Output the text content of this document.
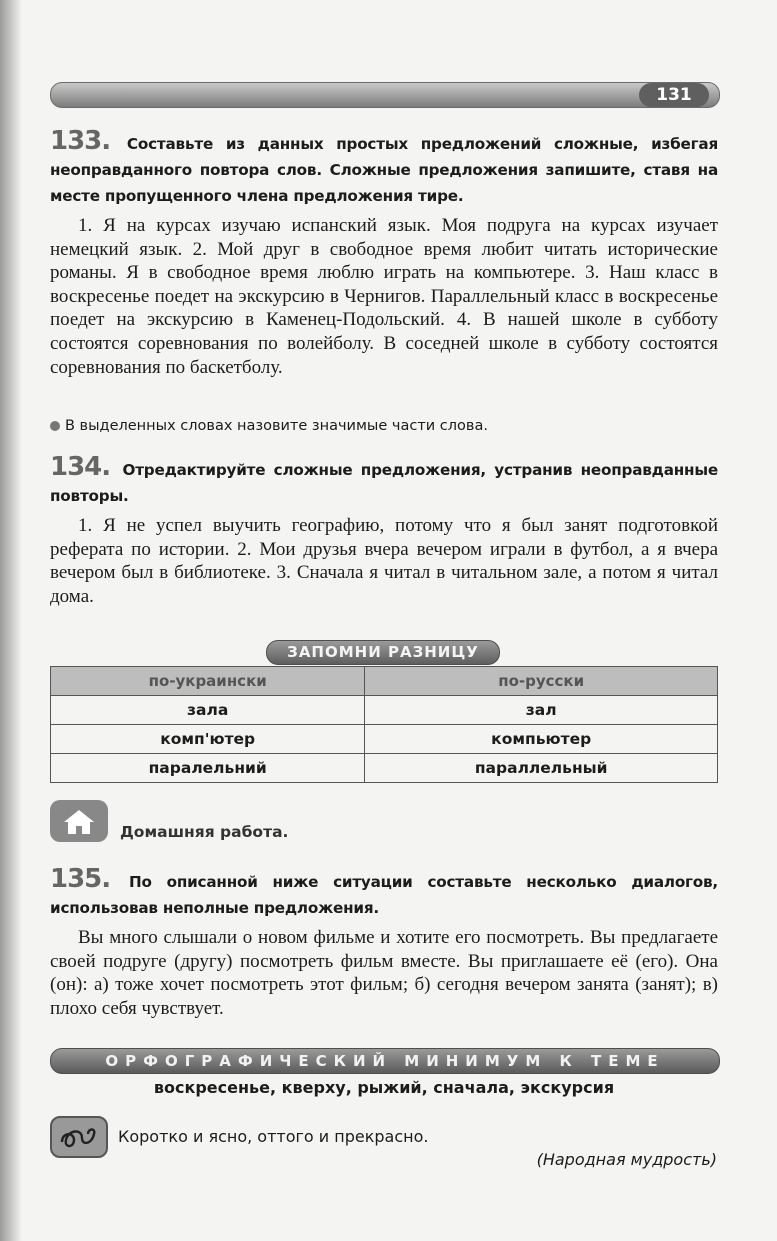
131
133. Составьте из данных простых предложений сложные, избегая неоправданного повтора слов. Сложные предложения запишите, ставя на месте пропущенного члена предложения тире.
1. Я на курсах изучаю испанский язык. Моя подруга на курсах изучает немецкий язык. 2. Мой друг в свободное время любит читать исторические романы. Я в свободное время люблю играть на компьютере. 3. Наш класс в воскресенье поедет на экскурсию в Чернигов. Параллельный класс в воскресенье поедет на экскурсию в Каменец-Подольский. 4. В нашей школе в субботу состоятся соревнования по волейболу. В соседней школе в субботу состоятся соревнования по баскетболу.
В выделенных словах назовите значимые части слова.
134. Отредактируйте сложные предложения, устранив неоправданные повторы.
1. Я не успел выучить географию, потому что я был занят подготовкой реферата по истории. 2. Мои друзья вчера вечером играли в футбол, а я вчера вечером был в библиотеке. 3. Сначала я читал в читальном зале, а потом я читал дома.
ЗАПОМНИ РАЗНИЦУ
по-украински	по-русски
зала	зал
комп'ютер	компьютер
паралельний	параллельный
Домашняя работа.
135. По описанной ниже ситуации составьте несколько диалогов, использовав неполные предложения.
Вы много слышали о новом фильме и хотите его посмотреть. Вы предлагаете своей подруге (другу) посмотреть фильм вместе. Вы приглашаете её (его). Она (он): а) тоже хочет посмотреть этот фильм; б) сегодня вечером занята (занят); в) плохо себя чувствует.
ОРФОГРАФИЧЕСКИЙ МИНИМУМ К ТЕМЕ
воскресенье, кверху, рыжий, сначала, экскурсия
Коротко и ясно, оттого и прекрасно.
(Народная мудрость)
